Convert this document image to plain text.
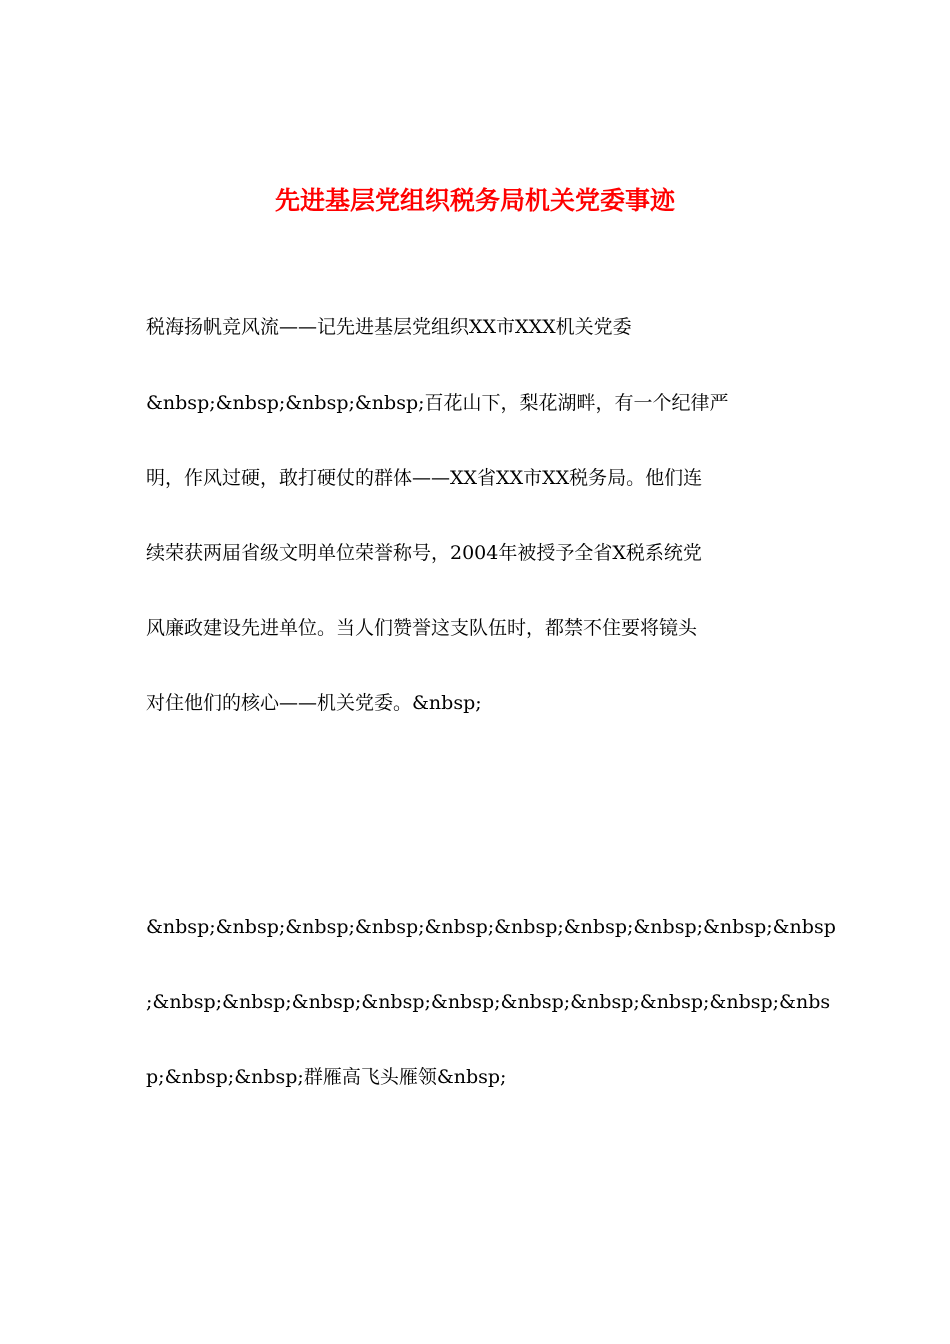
先进基层党组织税务局机关党委事迹

税海扬帆竞风流——记先进基层党组织XX市XXX机关党委

&nbsp;&nbsp;&nbsp;&nbsp;百花山下，梨花湖畔，有一个纪律严

明，作风过硬，敢打硬仗的群体——XX省XX市XX税务局。他们连

续荣获两届省级文明单位荣誉称号，2004年被授予全省X税系统党

风廉政建设先进单位。当人们赞誉这支队伍时，都禁不住要将镜头

对住他们的核心——机关党委。&nbsp;

&nbsp;&nbsp;&nbsp;&nbsp;&nbsp;&nbsp;&nbsp;&nbsp;&nbsp;&nbsp

;&nbsp;&nbsp;&nbsp;&nbsp;&nbsp;&nbsp;&nbsp;&nbsp;&nbsp;&nbs

p;&nbsp;&nbsp;群雁高飞头雁领&nbsp;
